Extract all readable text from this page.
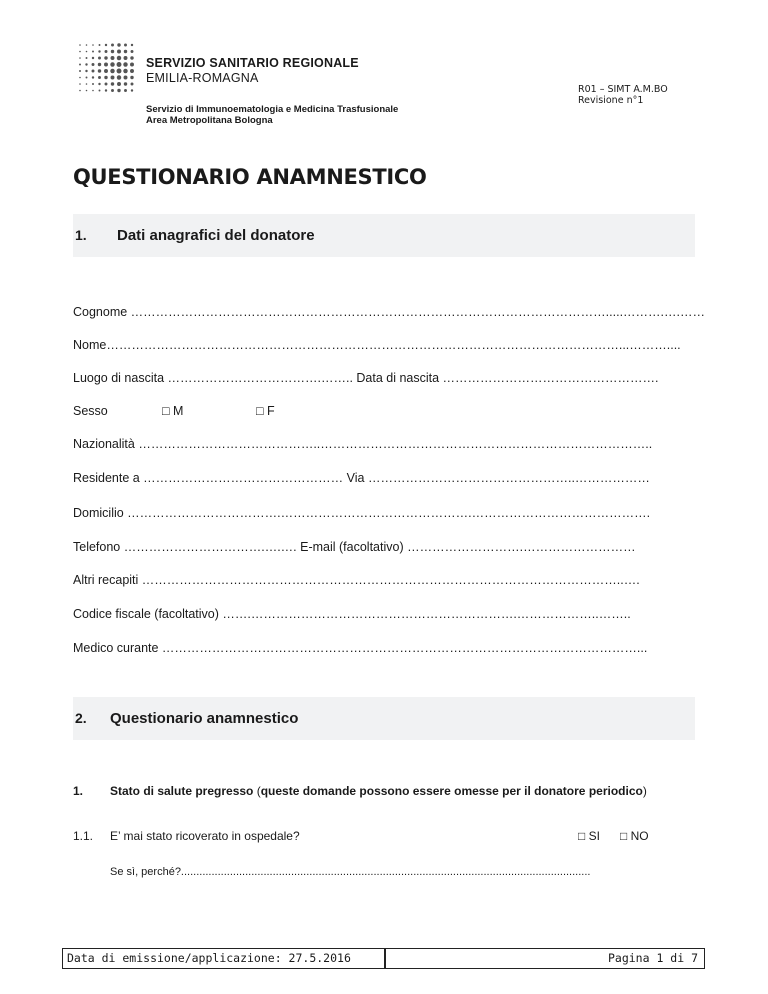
SERVIZIO SANITARIO REGIONALE
EMILIA-ROMAGNA
Servizio di Immunoematologia e Medicina Trasfusionale
Area Metropolitana Bologna
R01 – SIMT A.M.BO
Revisione n°1
QUESTIONARIO ANAMNESTICO
1. Dati anagrafici del donatore
Cognome …………………………………………………………………………………………………….....……….….……
Nome……………………………………………………………………………………………………………...………....
Luogo di nascita ……………………………….…….. Data di nascita …………………………………………….
Sesso	□ M	□ F
Nazionalità ……………………………………..……………………………………………………………………..
Residente a ………………………………………… Via …………………………………………..………………
Domicilio ……………………………….……………………………………….…………………………………….
Telefono …………………………….….…. E-mail (facoltativo) ……………………….………………………
Altri recapiti ……………………………………………………………………………………………………..….
Codice fiscale (facoltativo) …….……………………………………………………….………………..……..
Medico curante ……………………………………………………………………………………………………...
2. Questionario anamnestico
1. Stato di salute pregresso (queste domande possono essere omesse per il donatore periodico)
1.1. E’ mai stato ricoverato in ospedale?	□ SI □ NO
Se sì, perché?......................................................................................................................................
Data di emissione/applicazione: 27.5.2016	Pagina 1 di 7
